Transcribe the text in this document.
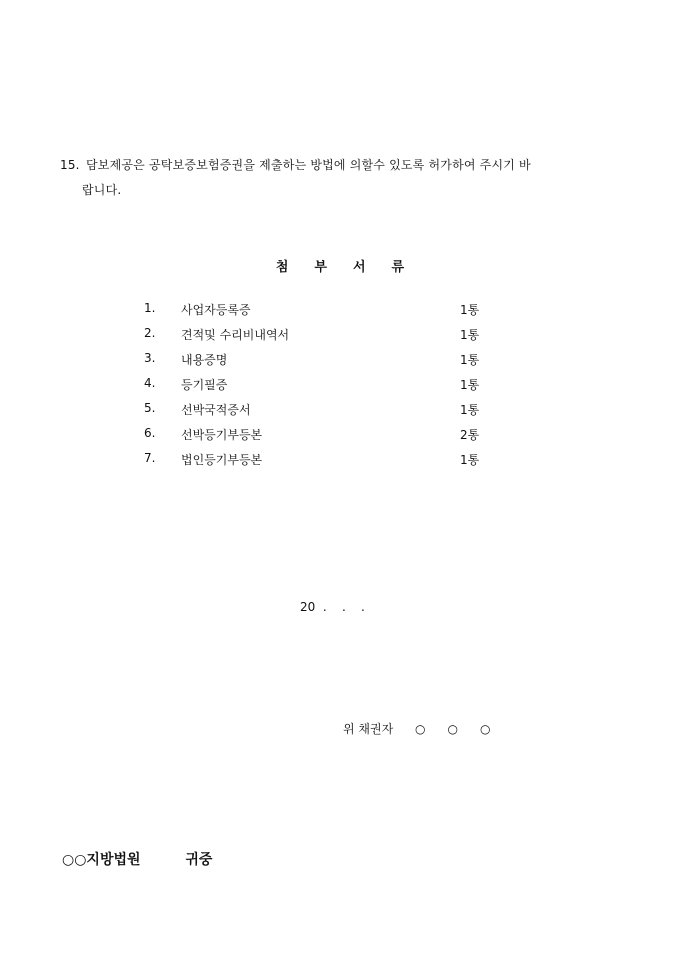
15. 담보제공은 공탁보증보험증권을 제출하는 방법에 의할수 있도록 허가하여 주시기 바
랍니다.
첨부서류
1. 사업자등록증	1통
2. 견적및 수리비내역서	1통
3. 내용증명	1통
4. 등기필증	1통
5. 선박국적증서	1통
6. 선박등기부등본	2통
7. 법인등기부등본	1통
20  .    .    .
위 채권자 ○○○
○○지방법원	귀중
